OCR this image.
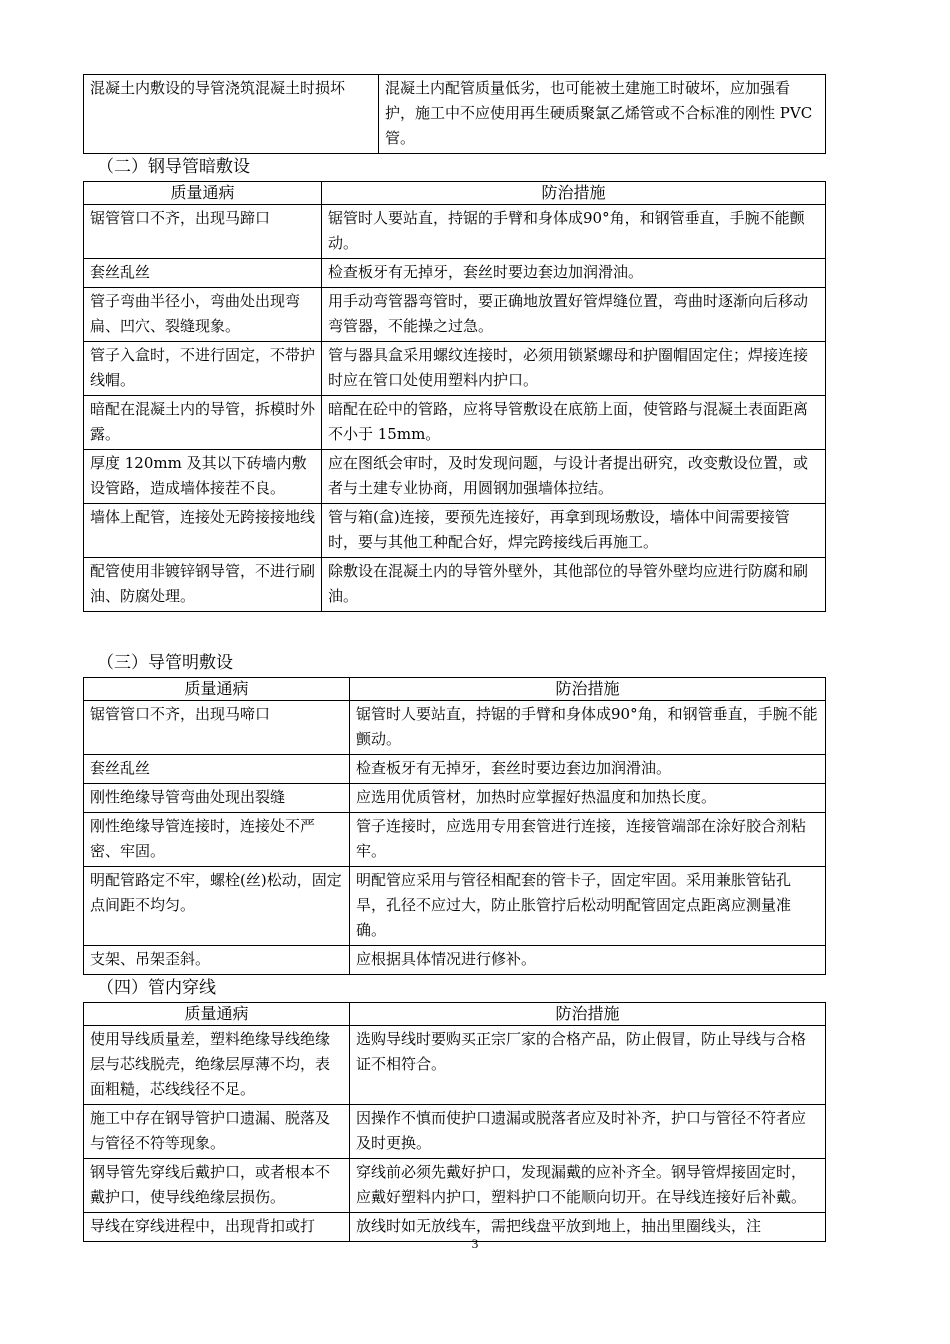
混凝土内敷设的导管浇筑混凝土时损坏	混凝土内配管质量低劣，也可能被土建施工时破坏，应加强看护，施工中不应使用再生硬质聚氯乙烯管或不合标准的刚性 PVC 管。
（二）钢导管暗敷设
质量通病	防治措施
锯管管口不齐，出现马蹄口	锯管时人要站直，持锯的手臂和身体成90°角，和钢管垂直，手腕不能颤动。
套丝乱丝	检查板牙有无掉牙，套丝时要边套边加润滑油。
管子弯曲半径小，弯曲处出现弯扁、凹穴、裂缝现象。	用手动弯管器弯管时，要正确地放置好管焊缝位置，弯曲时逐渐向后移动弯管器，不能操之过急。
管子入盒时，不进行固定，不带护线帽。	管与器具盒采用螺纹连接时，必须用锁紧螺母和护圈帽固定住；焊接连接时应在管口处使用塑料内护口。
暗配在混凝土内的导管，拆模时外露。	暗配在砼中的管路，应将导管敷设在底筋上面，使管路与混凝土表面距离不小于 15mm。
厚度 120mm 及其以下砖墙内敷设管路，造成墙体接茬不良。	应在图纸会审时，及时发现问题，与设计者提出研究，改变敷设位置，或者与土建专业协商，用圆钢加强墙体拉结。
墙体上配管，连接处无跨接接地线	管与箱(盒)连接，要预先连接好，再拿到现场敷设，墙体中间需要接管时，要与其他工种配合好，焊完跨接线后再施工。
配管使用非镀锌钢导管，不进行刷油、防腐处理。	除敷设在混凝土内的导管外壁外，其他部位的导管外壁均应进行防腐和刷油。
（三）导管明敷设
质量通病	防治措施
锯管管口不齐，出现马啼口	锯管时人要站直，持锯的手臂和身体成90°角，和钢管垂直，手腕不能颤动。
套丝乱丝	检查板牙有无掉牙，套丝时要边套边加润滑油。
刚性绝缘导管弯曲处现出裂缝	应选用优质管材，加热时应掌握好热温度和加热长度。
刚性绝缘导管连接时，连接处不严密、牢固。	管子连接时，应选用专用套管进行连接，连接管端部在涂好胶合剂粘牢。
明配管路定不牢，螺栓(丝)松动，固定点间距不均匀。	明配管应采用与管径相配套的管卡子，固定牢固。采用兼胀管钻孔旱，孔径不应过大，防止胀管拧后松动明配管固定点距离应测量准确。
支架、吊架歪斜。	应根据具体情况进行修补。
（四）管内穿线
质量通病	防治措施
使用导线质量差，塑料绝缘导线绝缘层与芯线脱壳，绝缘层厚薄不均，表面粗糙，芯线线径不足。	选购导线时要购买正宗厂家的合格产品，防止假冒，防止导线与合格证不相符合。
施工中存在钢导管护口遗漏、脱落及与管径不符等现象。	因操作不慎而使护口遗漏或脱落者应及时补齐，护口与管径不符者应及时更换。
钢导管先穿线后戴护口，或者根本不戴护口，使导线绝缘层损伤。	穿线前必须先戴好护口，发现漏戴的应补齐全。钢导管焊接固定时，应戴好塑料内护口，塑料护口不能顺向切开。在导线连接好后补戴。
导线在穿线进程中，出现背扣或打	放线时如无放线车，需把线盘平放到地上，抽出里圈线头，注
3
